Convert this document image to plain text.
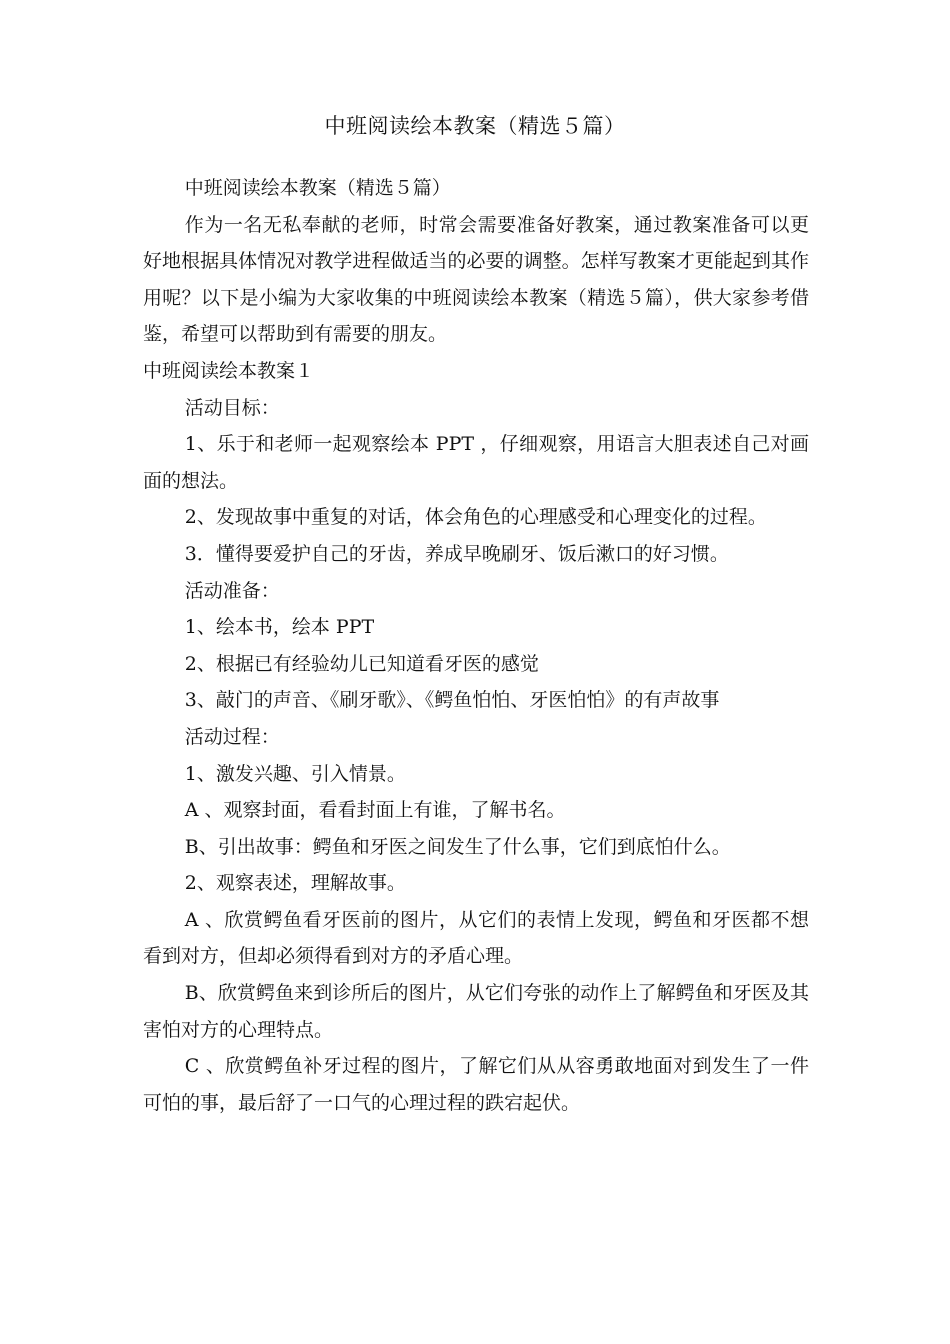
中班阅读绘本教案（精选５篇）

中班阅读绘本教案（精选５篇）

作为一名无私奉献的老师，时常会需要准备好教案，通过教案准备可以更好地根据具体情况对教学进程做适当的必要的调整。怎样写教案才更能起到其作用呢？以下是小编为大家收集的中班阅读绘本教案（精选５篇），供大家参考借鉴，希望可以帮助到有需要的朋友。

中班阅读绘本教案１

活动目标：

1、乐于和老师一起观察绘本 PPT ，仔细观察，用语言大胆表述自己对画面的想法。

2、发现故事中重复的对话，体会角色的心理感受和心理变化的过程。

3．懂得要爱护自己的牙齿，养成早晚刷牙、饭后漱口的好习惯。

活动准备：

1、绘本书，绘本 PPT

2、根据已有经验幼儿已知道看牙医的感觉

3、敲门的声音、《刷牙歌》、《鳄鱼怕怕、牙医怕怕》的有声故事

活动过程：

1、激发兴趣、引入情景。

A 、观察封面，看看封面上有谁，了解书名。

B、引出故事：鳄鱼和牙医之间发生了什么事，它们到底怕什么。

2、观察表述，理解故事。

A 、欣赏鳄鱼看牙医前的图片，从它们的表情上发现，鳄鱼和牙医都不想看到对方，但却必须得看到对方的矛盾心理。

B、欣赏鳄鱼来到诊所后的图片，从它们夸张的动作上了解鳄鱼和牙医及其害怕对方的心理特点。

C 、欣赏鳄鱼补牙过程的图片，了解它们从从容勇敢地面对到发生了一件可怕的事，最后舒了一口气的心理过程的跌宕起伏。
